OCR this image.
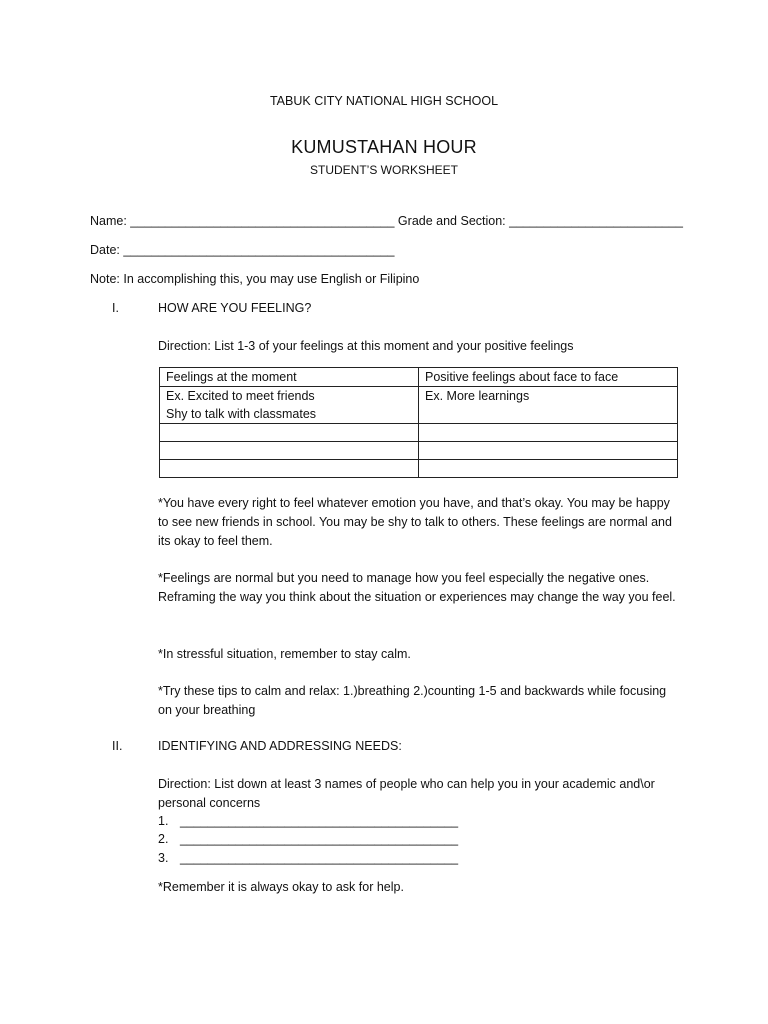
TABUK CITY NATIONAL HIGH SCHOOL
KUMUSTAHAN HOUR
STUDENT’S WORKSHEET
Name: ______________________________________ Grade and Section: _________________________
Date: _______________________________________
Note: In accomplishing this, you may use English or Filipino
I.	HOW ARE YOU FEELING?
Direction: List 1-3 of your feelings at this moment and your positive feelings
Feelings at the moment	Positive feelings about face to face

Ex. Excited to meet friends
Shy to talk with classmates	Ex. More learnings

*You have every right to feel whatever emotion you have, and that’s okay. You may be happy to see new friends in school. You may be shy to talk to others. These feelings are normal and its okay to feel them.
*Feelings are normal but you need to manage how you feel especially the negative ones. Reframing the way you think about the situation or experiences may change the way you feel.
*In stressful situation, remember to stay calm.
*Try these tips to calm and relax: 1.)breathing 2.)counting 1-5 and backwards while focusing on your breathing
II.	IDENTIFYING AND ADDRESSING NEEDS:
Direction: List down at least 3 names of people who can help you in your academic and\or personal concerns
1. ________________________________________
2. ________________________________________
3. ________________________________________
*Remember it is always okay to ask for help.
